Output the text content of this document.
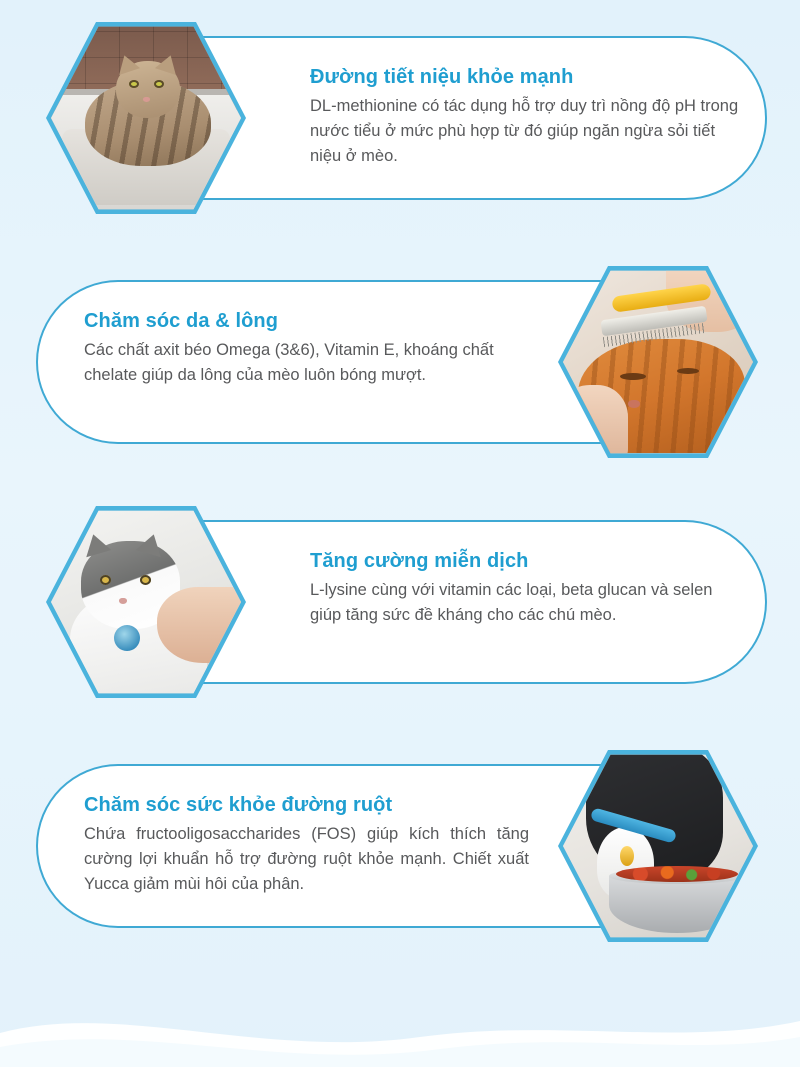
Đường tiết niệu khỏe mạnh

DL-methionine có tác dụng hỗ trợ duy trì nồng độ pH trong nước tiểu ở mức phù hợp từ đó giúp ngăn ngừa sỏi tiết niệu ở mèo.

Chăm sóc da & lông

Các chất axit béo Omega (3&6), Vitamin E, khoáng chất chelate giúp da lông của mèo luôn bóng mượt.

Tăng cường miễn dịch

L-lysine cùng với vitamin các loại, beta glucan và selen giúp tăng sức đề kháng cho các chú mèo.

Chăm sóc sức khỏe đường ruột

Chứa fructooligosaccharides (FOS) giúp kích thích tăng cường lợi khuẩn hỗ trợ đường ruột khỏe mạnh. Chiết xuất Yucca giảm mùi hôi của phân.
